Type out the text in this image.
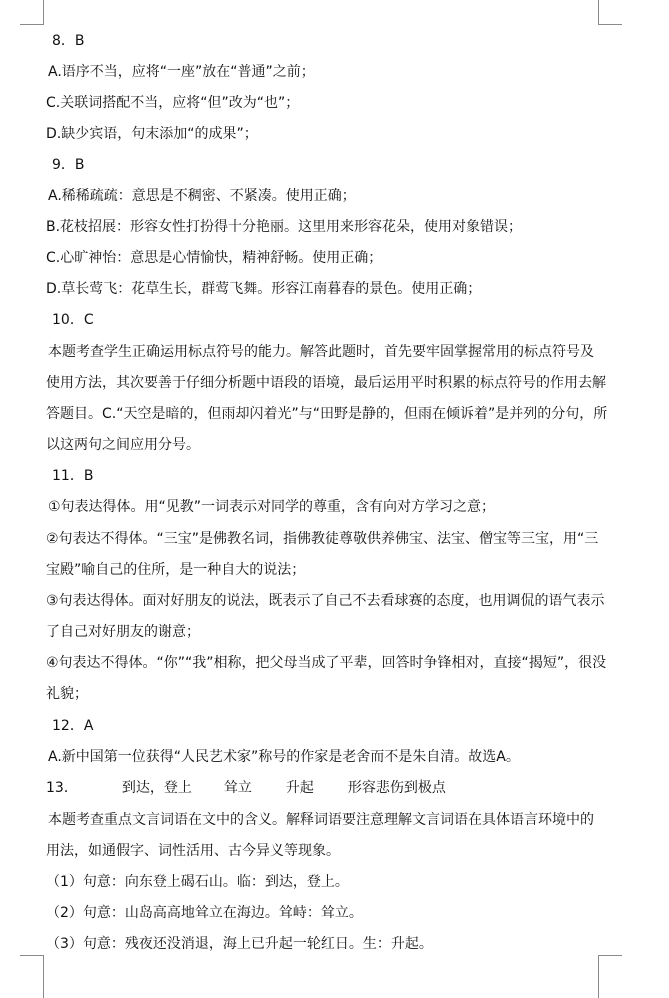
8．B
A.语序不当，应将“一座”放在“普通”之前；
C.关联词搭配不当，应将“但”改为“也”；
D.缺少宾语，句末添加“的成果”；
9．B
A.稀稀疏疏：意思是不稠密、不紧凑。使用正确；
B.花枝招展：形容女性打扮得十分艳丽。这里用来形容花朵，使用对象错误；
C.心旷神怡：意思是心情愉快，精神舒畅。使用正确；
D.草长莺飞：花草生长，群莺飞舞。形容江南暮春的景色。使用正确；
10．C
本题考查学生正确运用标点符号的能力。解答此题时，首先要牢固掌握常用的标点符号及
使用方法，其次要善于仔细分析题中语段的语境，最后运用平时积累的标点符号的作用去解
答题目。C.“天空是暗的，但雨却闪着光”与“田野是静的，但雨在倾诉着”是并列的分句，所
以这两句之间应用分号。
11．B
①句表达得体。用“见教”一词表示对同学的尊重，含有向对方学习之意；
②句表达不得体。“三宝”是佛教名词，指佛教徒尊敬供养佛宝、法宝、僧宝等三宝，用“三
宝殿”喻自己的住所，是一种自大的说法；
③句表达得体。面对好朋友的说法，既表示了自己不去看球赛的态度，也用调侃的语气表示
了自己对好朋友的谢意；
④句表达不得体。“你”“我”相称，把父母当成了平辈，回答时争锋相对，直接“揭短”，很没
礼貌；
12．A
A.新中国第一位获得“人民艺术家”称号的作家是老舍而不是朱自清。故选A。
13．	到达，登上 耸立 升起 形容悲伤到极点
本题考查重点文言词语在文中的含义。解释词语要注意理解文言词语在具体语言环境中的
用法，如通假字、词性活用、古今异义等现象。
（1）句意：向东登上碣石山。临：到达，登上。
（2）句意：山岛高高地耸立在海边。耸峙：耸立。
（3）句意：残夜还没消退，海上已升起一轮红日。生：升起。
